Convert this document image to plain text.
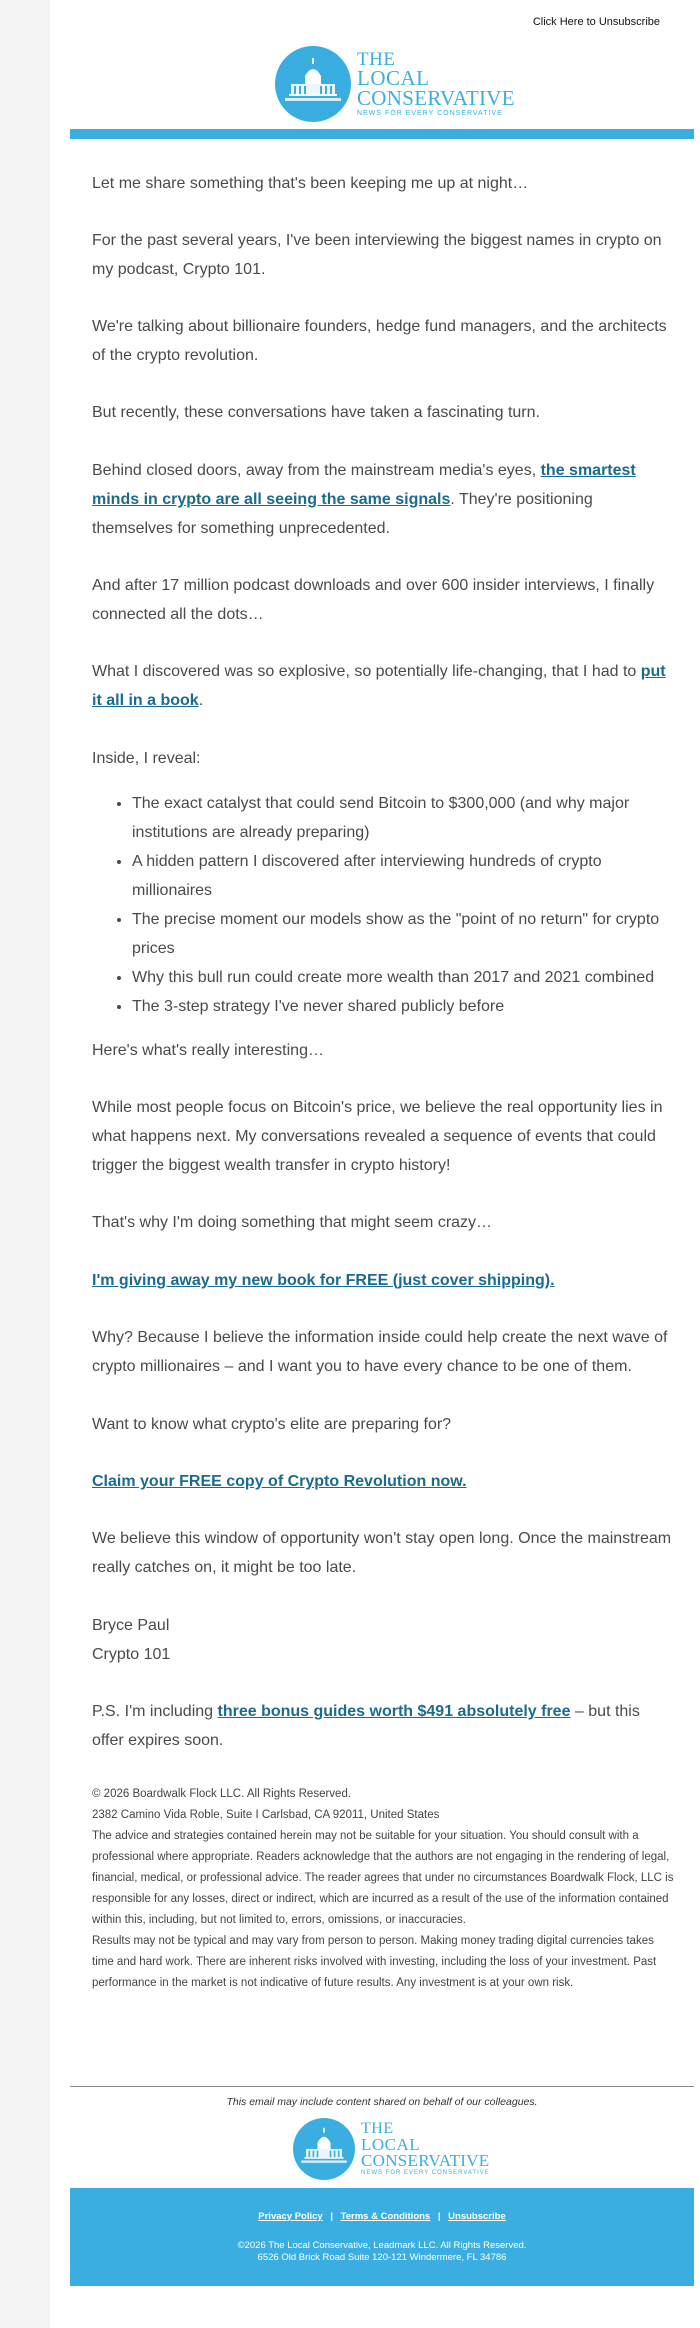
Click Here to Unsubscribe
THE
LOCAL
CONSERVATIVE
NEWS FOR EVERY CONSERVATIVE

Let me share something that's been keeping me up at night…

For the past several years, I've been interviewing the biggest names in crypto on my podcast, Crypto 101.

We're talking about billionaire founders, hedge fund managers, and the architects of the crypto revolution.

But recently, these conversations have taken a fascinating turn.

Behind closed doors, away from the mainstream media's eyes, the smartest minds in crypto are all seeing the same signals. They're positioning themselves for something unprecedented.

And after 17 million podcast downloads and over 600 insider interviews, I finally connected all the dots…

What I discovered was so explosive, so potentially life-changing, that I had to put it all in a book.

Inside, I reveal:

• The exact catalyst that could send Bitcoin to $300,000 (and why major institutions are already preparing)
• A hidden pattern I discovered after interviewing hundreds of crypto millionaires
• The precise moment our models show as the "point of no return" for crypto prices
• Why this bull run could create more wealth than 2017 and 2021 combined
• The 3-step strategy I've never shared publicly before

Here's what's really interesting…

While most people focus on Bitcoin's price, we believe the real opportunity lies in what happens next. My conversations revealed a sequence of events that could trigger the biggest wealth transfer in crypto history!

That's why I'm doing something that might seem crazy…

I'm giving away my new book for FREE (just cover shipping).

Why? Because I believe the information inside could help create the next wave of crypto millionaires – and I want you to have every chance to be one of them.

Want to know what crypto's elite are preparing for?

Claim your FREE copy of Crypto Revolution now.

We believe this window of opportunity won't stay open long. Once the mainstream really catches on, it might be too late.

Bryce Paul

Crypto 101

P.S. I'm including three bonus guides worth $491 absolutely free – but this offer expires soon.

© 2026 Boardwalk Flock LLC. All Rights Reserved.

2382 Camino Vida Roble, Suite I Carlsbad, CA 92011, United States

The advice and strategies contained herein may not be suitable for your situation. You should consult with a professional where appropriate. Readers acknowledge that the authors are not engaging in the rendering of legal, financial, medical, or professional advice. The reader agrees that under no circumstances Boardwalk Flock, LLC is responsible for any losses, direct or indirect, which are incurred as a result of the use of the information contained within this, including, but not limited to, errors, omissions, or inaccuracies.

Results may not be typical and may vary from person to person. Making money trading digital currencies takes time and hard work. There are inherent risks involved with investing, including the loss of your investment. Past performance in the market is not indicative of future results. Any investment is at your own risk.

This email may include content shared on behalf of our colleagues.
THE
LOCAL
CONSERVATIVE
NEWS FOR EVERY CONSERVATIVE
Privacy Policy | Terms & Conditions | Unsubscribe
©2026 The Local Conservative, Leadmark LLC. All Rights Reserved.
6526 Old Brick Road Suite 120-121 Windermere, FL 34786
